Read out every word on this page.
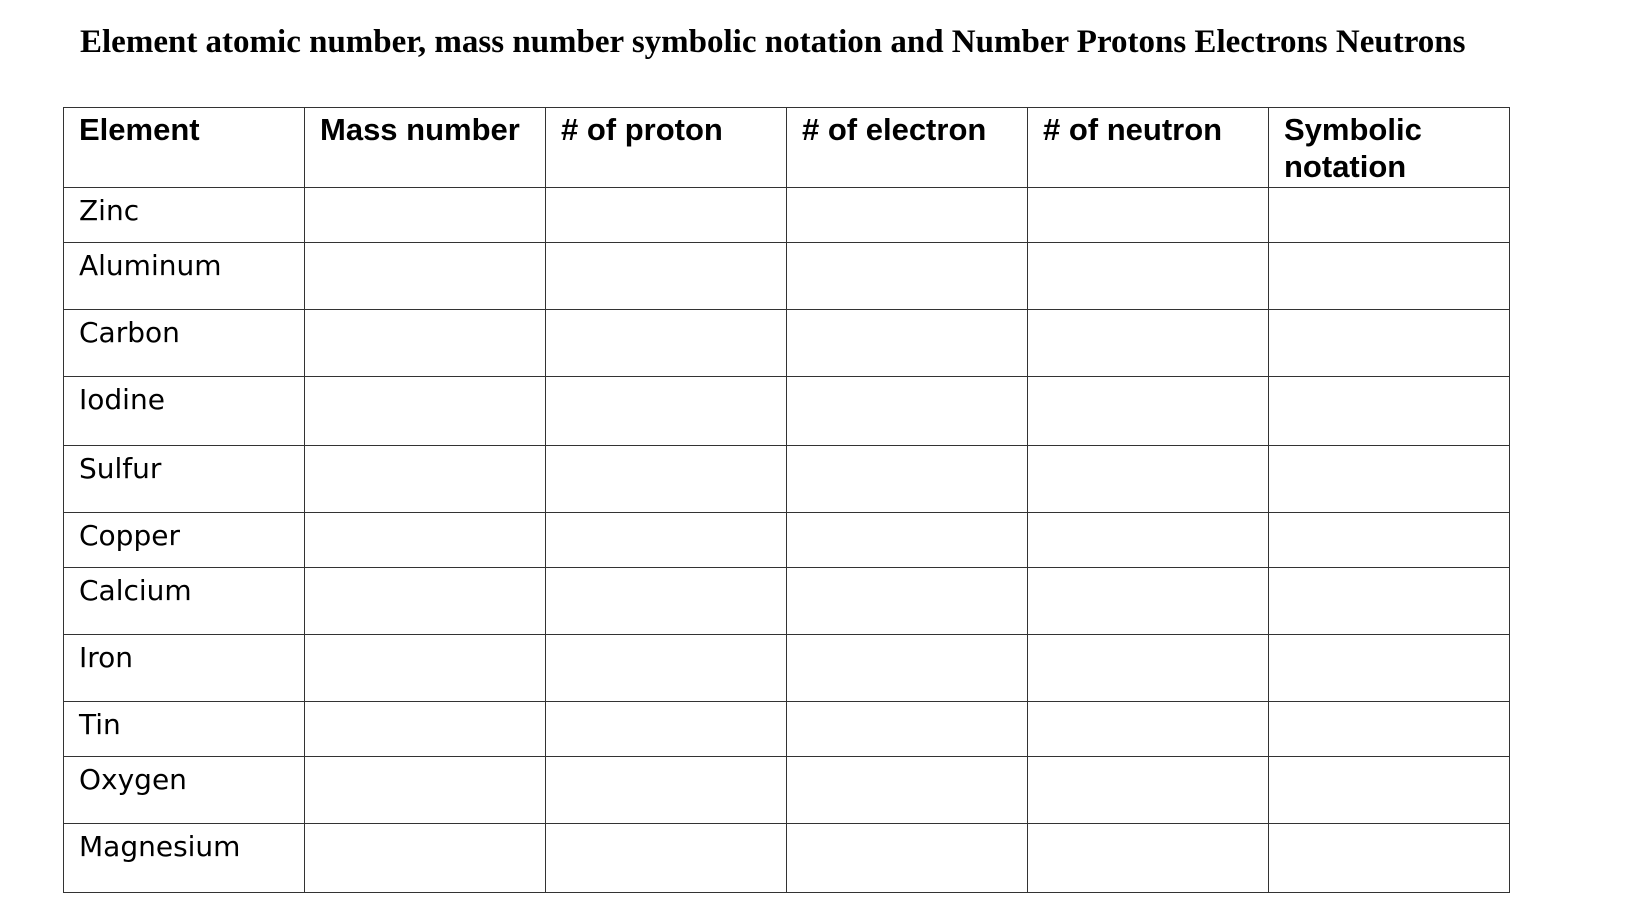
Element atomic number, mass number symbolic notation and Number Protons Electrons Neutrons
Element	Mass number	# of proton	# of electron	# of neutron	Symbolic notation
Zinc					
Aluminum					
Carbon					
Iodine					
Sulfur					
Copper					
Calcium					
Iron					
Tin					
Oxygen					
Magnesium					
